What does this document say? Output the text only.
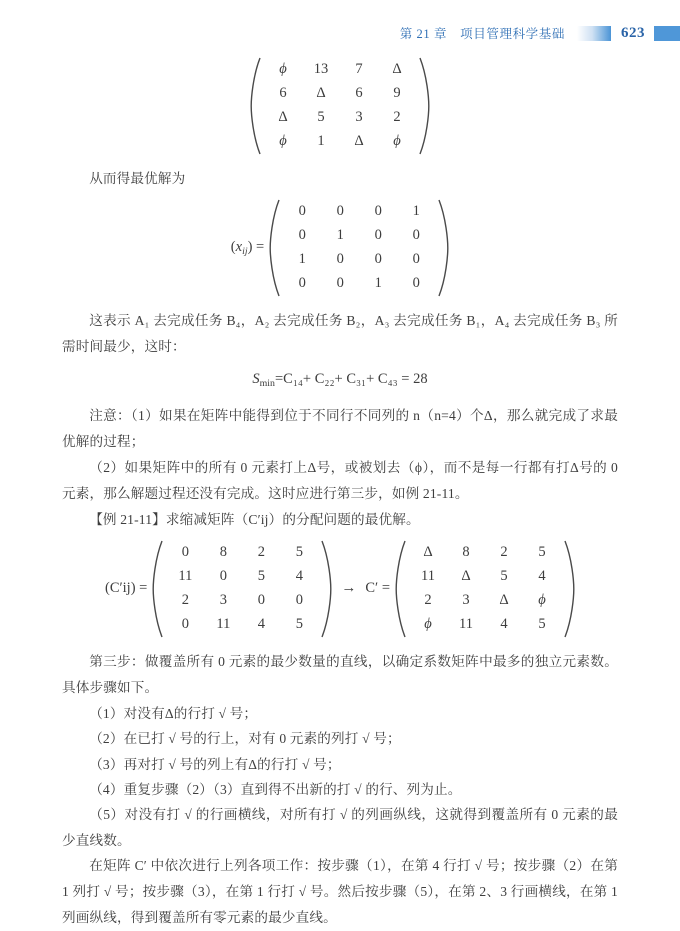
第 21 章　项目管理科学基础	623
ϕ	13	7	Δ
6	Δ	6	9
Δ	5	3	2
ϕ	1	Δ	ϕ

从而得最优解为

$(x_{ij})$ =
0	0	0	1
0	1	0	0
1	0	0	0
0	0	1	0

这表示 A₁ 去完成任务 B₄，A₂ 去完成任务 B₂，A₃ 去完成任务 B₁，A₄ 去完成任务 B₃ 所需时间最少，这时：

$S_{min}=C_{14}+ C_{22}+ C_{31}+ C_{43} = 28$

注意：（1）如果在矩阵中能得到位于不同行不同列的 n（n=4）个Δ，那么就完成了求最优解的过程；

（2）如果矩阵中的所有 0 元素打上Δ号，或被划去（ϕ），而不是每一行都有打Δ号的 0 元素，那么解题过程还没有完成。这时应进行第三步，如例 21-11。

【例 21-11】求缩减矩阵（C′ij）的分配问题的最优解。

(C′ij) =
0	8	2	5
11	0	5	4
2	3	0	0
0	11	4	5
→ C′ =
Δ	8	2	5
11	Δ	5	4
2	3	Δ	ϕ
ϕ	11	4	5

第三步：做覆盖所有 0 元素的最少数量的直线，以确定系数矩阵中最多的独立元素数。具体步骤如下。

（1）对没有Δ的行打 √ 号；

（2）在已打 √ 号的行上，对有 0 元素的列打 √ 号；

（3）再对打 √ 号的列上有Δ的行打 √ 号；

（4）重复步骤（2）（3）直到得不出新的打 √ 的行、列为止。

（5）对没有打 √ 的行画横线，对所有打 √ 的列画纵线，这就得到覆盖所有 0 元素的最少直线数。

在矩阵 C′ 中依次进行上列各项工作：按步骤（1），在第 4 行打 √ 号；按步骤（2）在第 1 列打 √ 号；按步骤（3），在第 1 行打 √ 号。然后按步骤（5），在第 2、3 行画横线，在第 1 列画纵线，得到覆盖所有零元素的最少直线。
